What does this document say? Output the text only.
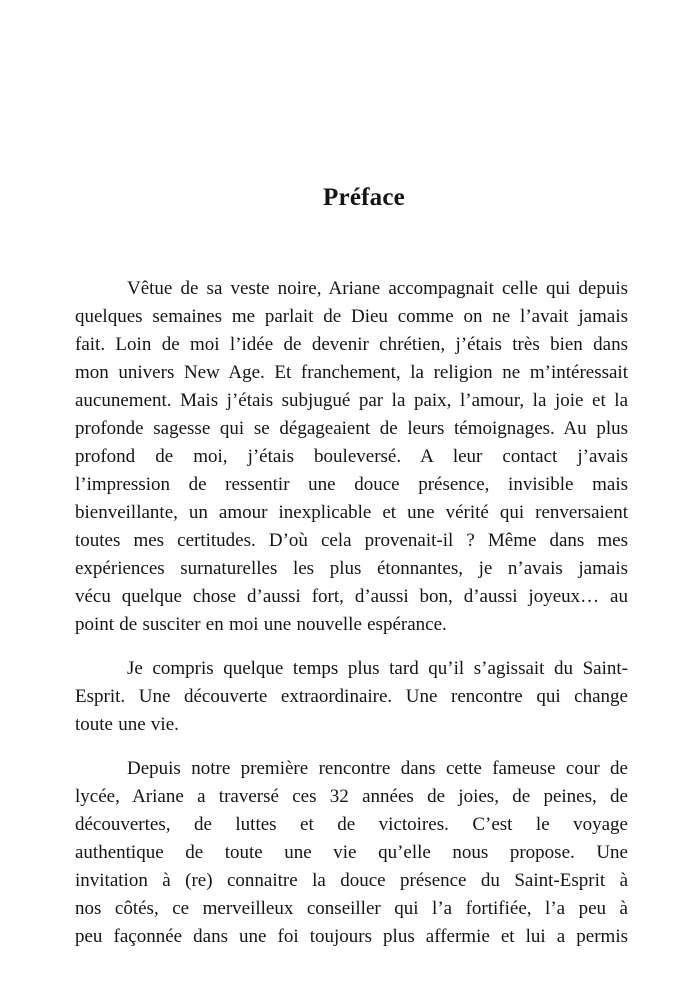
Préface
Vêtue de sa veste noire, Ariane accompagnait celle qui depuis
quelques semaines me parlait de Dieu comme on ne l’avait jamais
fait. Loin de moi l’idée de devenir chrétien, j’étais très bien dans
mon univers New Age. Et franchement, la religion ne m’intéressait
aucunement. Mais j’étais subjugué par la paix, l’amour, la joie et la
profonde sagesse qui se dégageaient de leurs témoignages. Au plus
profond de moi, j’étais bouleversé. A leur contact j’avais
l’impression de ressentir une douce présence, invisible mais
bienveillante, un amour inexplicable et une vérité qui renversaient
toutes mes certitudes. D’où cela provenait-il ? Même dans mes
expériences surnaturelles les plus étonnantes, je n’avais jamais
vécu quelque chose d’aussi fort, d’aussi bon, d’aussi joyeux… au
point de susciter en moi une nouvelle espérance.
Je compris quelque temps plus tard qu’il s’agissait du Saint-
Esprit. Une découverte extraordinaire. Une rencontre qui change
toute une vie.
Depuis notre première rencontre dans cette fameuse cour de
lycée, Ariane a traversé ces 32 années de joies, de peines, de
découvertes, de luttes et de victoires. C’est le voyage
authentique de toute une vie qu’elle nous propose. Une
invitation à (re) connaitre la douce présence du Saint-Esprit à
nos côtés, ce merveilleux conseiller qui l’a fortifiée, l’a peu à
peu façonnée dans une foi toujours plus affermie et lui a permis
